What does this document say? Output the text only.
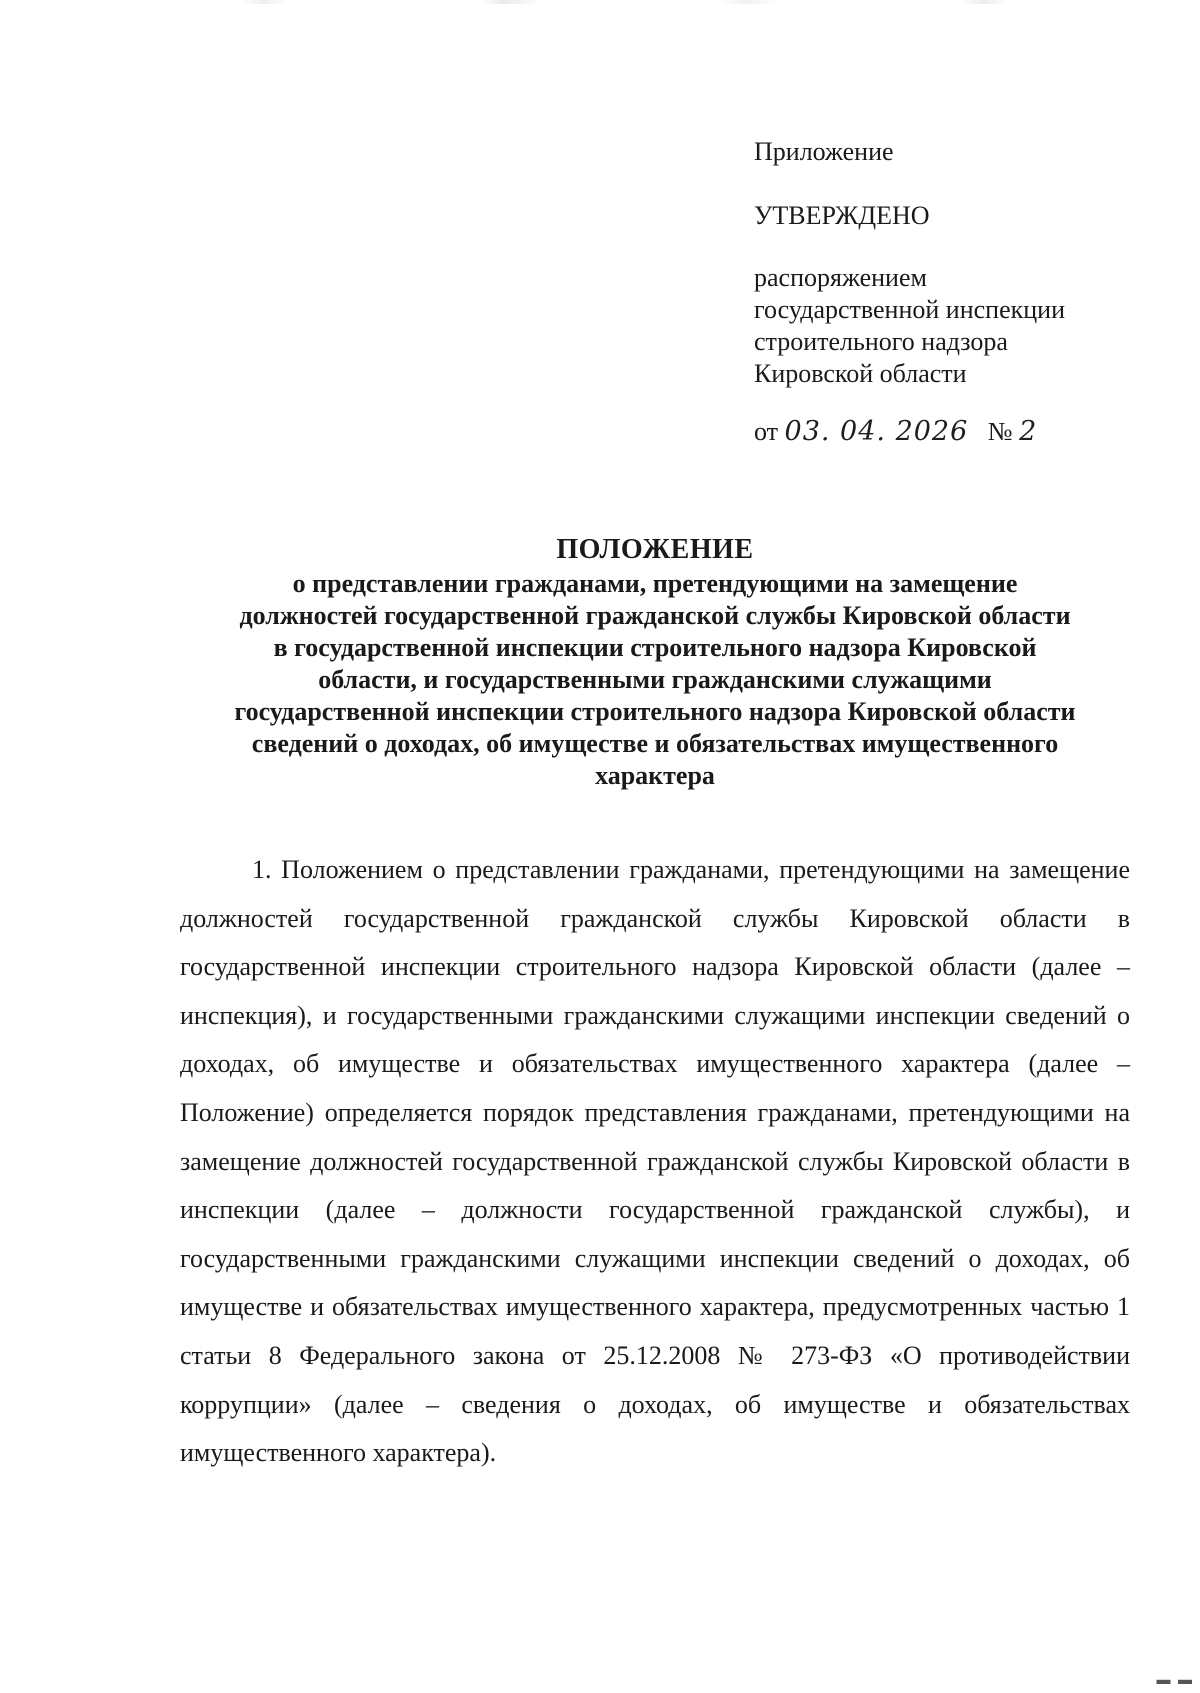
Приложение
УТВЕРЖДЕНО
распоряжением
государственной инспекции
строительного надзора
Кировской области
от 03. 04. 2026 № 2
ПОЛОЖЕНИЕ
о представлении гражданами, претендующими на замещение
должностей государственной гражданской службы Кировской области
в государственной инспекции строительного надзора Кировской
области, и государственными гражданскими служащими
государственной инспекции строительного надзора Кировской области
сведений о доходах, об имуществе и обязательствах имущественного
характера

1. Положением о представлении гражданами, претендующими на замещение должностей государственной гражданской службы Кировской области в государственной инспекции строительного надзора Кировской области (далее – инспекция), и государственными гражданскими служащими инспекции сведений о доходах, об имуществе и обязательствах имущественного характера (далее – Положение) определяется порядок представления гражданами, претендующими на замещение должностей государственной гражданской службы Кировской области в инспекции (далее – должности государственной гражданской службы), и государственными гражданскими служащими инспекции сведений о доходах, об имуществе и обязательствах имущественного характера, предусмотренных частью 1 статьи 8 Федерального закона от 25.12.2008 № 273-ФЗ «О противодействии коррупции» (далее – сведения о доходах, об имуществе и обязательствах имущественного характера).

▬ ▬
